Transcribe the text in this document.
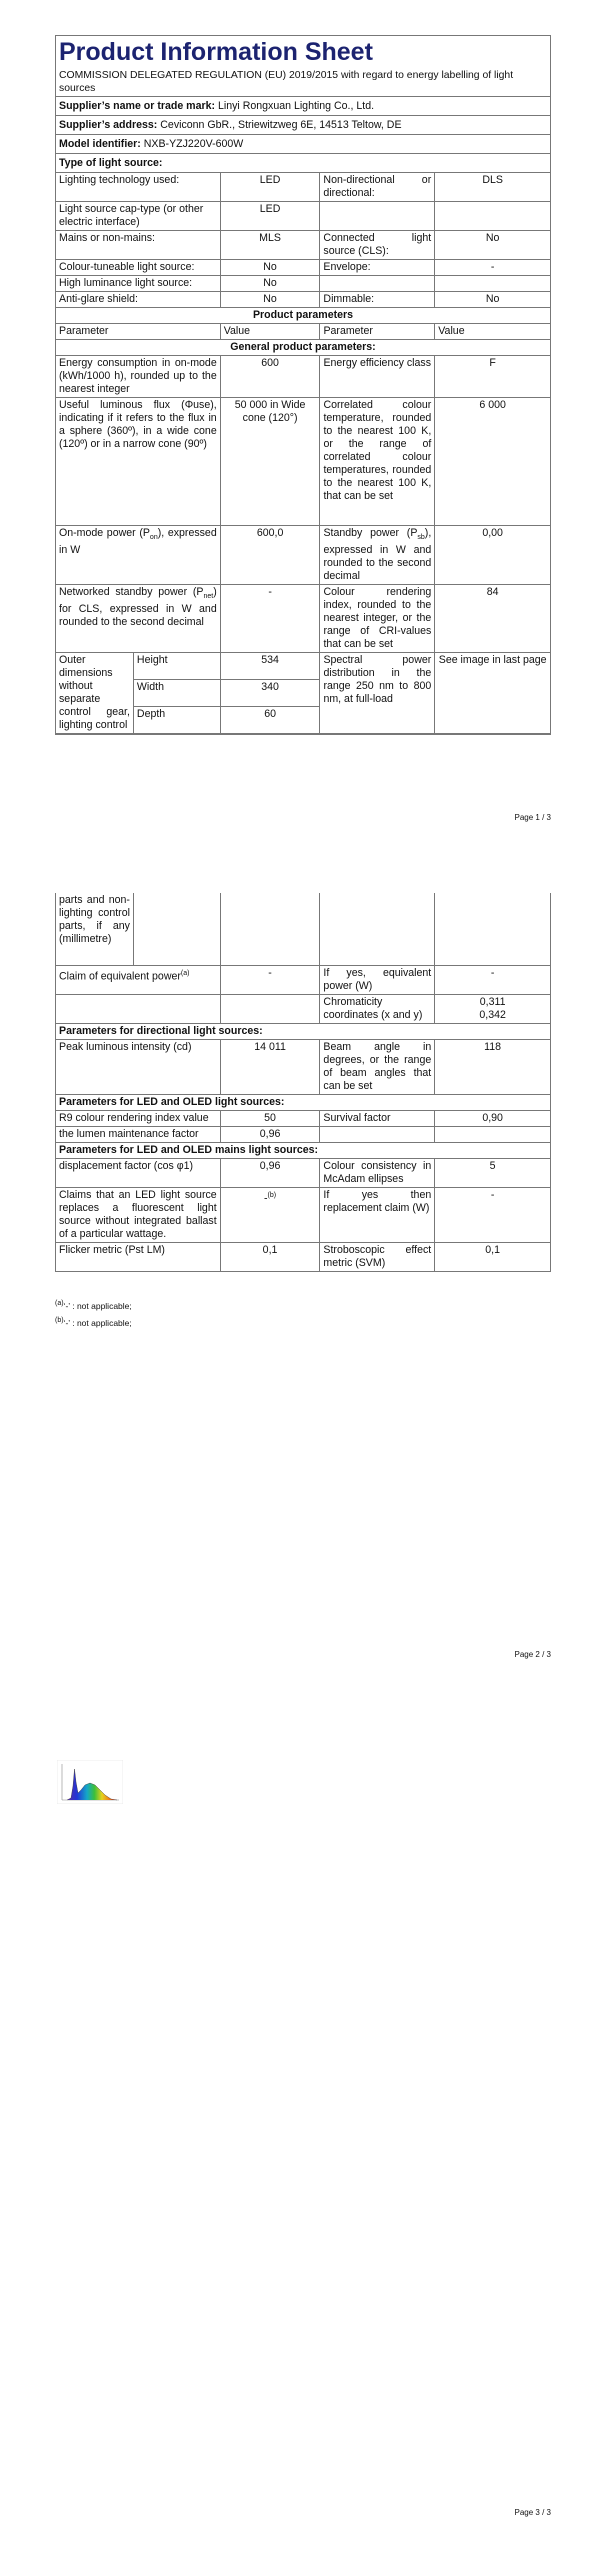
Product Information Sheet
COMMISSION DELEGATED REGULATION (EU) 2019/2015 with regard to energy labelling of light sources
Supplier’s name or trade mark: Linyi Rongxuan Lighting Co., Ltd.
Supplier’s address: Ceviconn GbR., Striewitzweg 6E, 14513 Teltow, DE
Model identifier: NXB-YZJ220V-600W
Type of light source:
Lighting technology used:	LED	Non-directional or directional:	DLS
Light source cap-type (or other electric interface)	LED		
Mains or non-mains:	MLS	Connected light source (CLS):	No
Colour-tuneable light source:	No	Envelope:	-
High luminance light source:	No		
Anti-glare shield:	No	Dimmable:	No
Product parameters				
Parameter		Value	Parameter	Value
General product parameters:				
Energy consumption in on-mode (kWh/1000 h), rounded up to the nearest integer		600	Energy efficiency class	F
Useful luminous flux (Φuse), indicating if it refers to the flux in a sphere (360º), in a wide cone (120º) or in a narrow cone (90º)		50 000 in Wide cone (120°)	Correlated colour temperature, rounded to the nearest 100 K, or the range of correlated colour temperatures, rounded to the nearest 100 K, that can be set	6 000
On-mode power $(P_{on})$, expressed in W		600,0	Standby power $(P_{sb})$, expressed in W and rounded to the second decimal	0,00
Networked standby power $(P_{net})$ for CLS, expressed in W and rounded to the second decimal		-	Colour rendering index, rounded to the nearest integer, or the range of CRI-values that can be set	84
Outer dimensions without separate control gear, lighting control	Height	534	Spectral power distribution in the range 250 nm to 800 nm, at full-load	See image in last page
	Width	340		
	Depth	60		
Page 1 / 3
parts and non-lighting control parts, if any (millimetre)				
Claim of equivalent power$^{(a)}$		-	If yes, equivalent power (W)	-
			Chromaticity coordinates (x and y)	0,311
0,342

Parameters for directional light sources:				
Peak luminous intensity (cd)		14 011	Beam angle in degrees, or the range of beam angles that can be set	118
Parameters for LED and OLED light sources:				
R9 colour rendering index value		50	Survival factor	0,90
the lumen maintenance factor		0,96		
Parameters for LED and OLED mains light sources:				
displacement factor (cos φ1)		0,96	Colour consistency in McAdam ellipses	5
Claims that an LED light source replaces a fluorescent light source without integrated ballast of a particular wattage.		-$^{(b)}$	If yes then replacement claim (W)	-
Flicker metric (Pst LM)		0,1	Stroboscopic effect metric (SVM)	0,1
$^{(a)}$‘-’ : not applicable;
$^{(b)}$‘-’ : not applicable;
Page 2 / 3
Page 3 / 3
